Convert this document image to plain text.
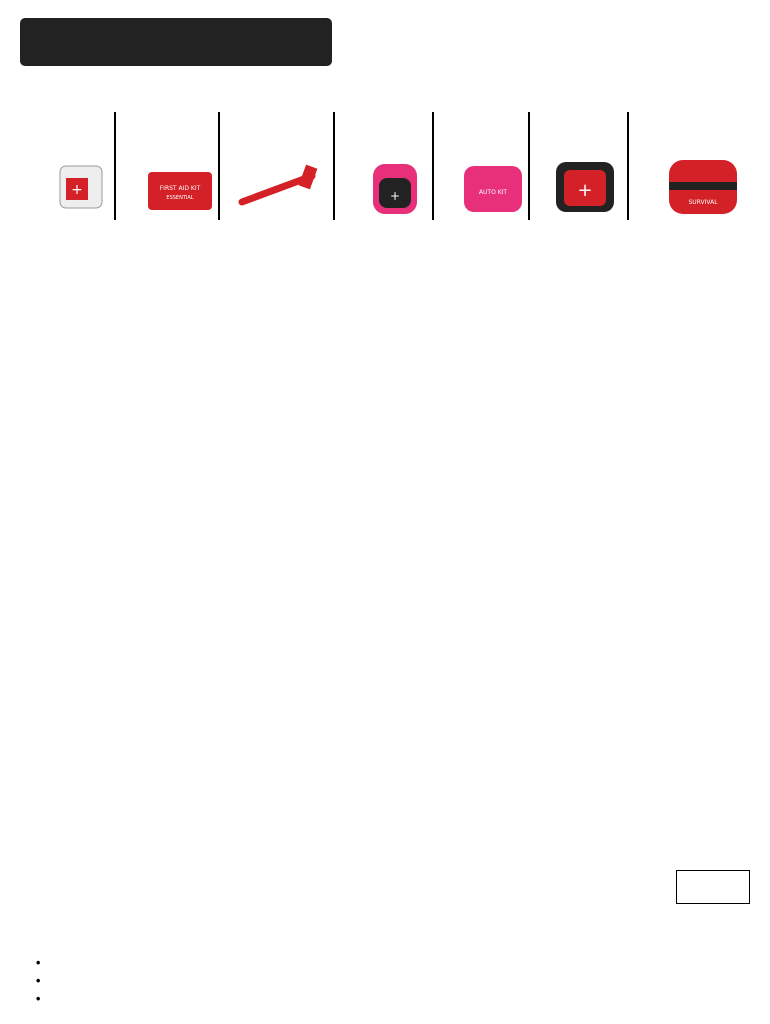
+	FIRST AID KIT
ESSENTIAL	+	AUTO KIT	+
SURVIVAL
•
•
•
